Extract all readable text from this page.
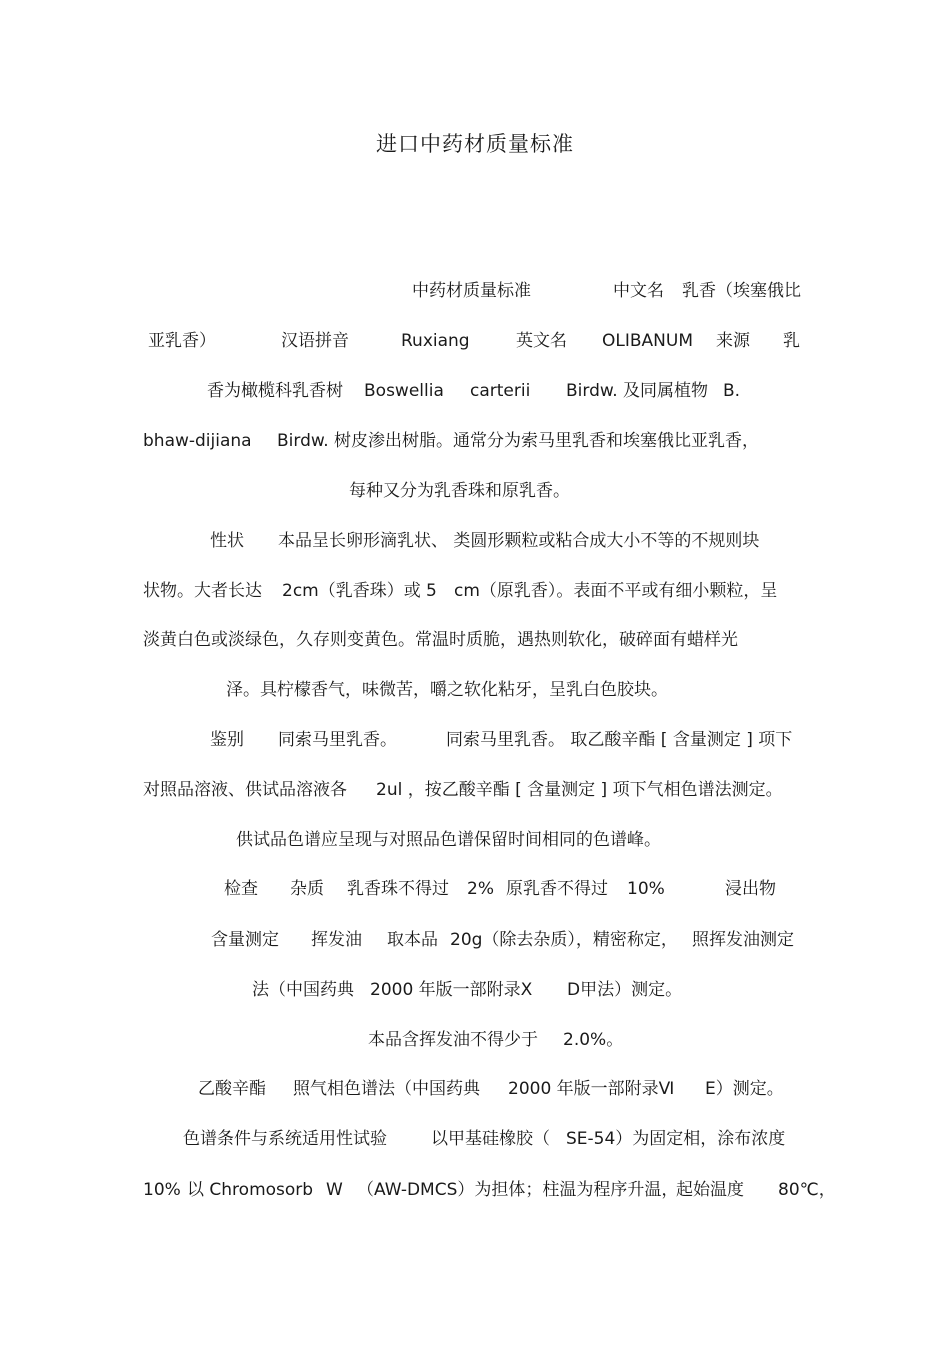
进口中药材质量标准
中药材质量标准	中文名 乳香（埃塞俄比
亚乳香）	汉语拼音	Ruxiang	英文名 OLIBANUM 来源 乳
香为橄榄科乳香树 Boswellia carterii Birdw. 及同属植物 B.
bhaw-dijiana Birdw. 树皮渗出树脂。通常分为索马里乳香和埃塞俄比亚乳香，
每种又分为乳香珠和原乳香。
性状 本品呈长卵形滴乳状、 类圆形颗粒或粘合成大小不等的不规则块
状物。大者长达 2cm（乳香珠）或 5 cm（原乳香）。表面不平或有细小颗粒，呈
淡黄白色或淡绿色，久存则变黄色。常温时质脆，遇热则软化，破碎面有蜡样光
泽。具柠檬香气，味微苦，嚼之软化粘牙，呈乳白色胶块。
鉴别 同索马里乳香。	同索马里乳香。 取乙酸辛酯 [ 含量测定 ] 项下
对照品溶液、供试品溶液各 2ul ，按乙酸辛酯 [ 含量测定 ] 项下气相色谱法测定。
供试品色谱应呈现与对照品色谱保留时间相同的色谱峰。
检查 杂质 乳香珠不得过 2% 原乳香不得过 10%	浸出物
含量测定 挥发油 取本品 20g（除去杂质），精密称定， 照挥发油测定
法（中国药典 2000 年版一部附录Ⅹ D甲法）测定。
本品含挥发油不得少于 2.0%。
乙酸辛酯 照气相色谱法（中国药典 2000 年版一部附录Ⅵ E）测定。
色谱条件与系统适用性试验	以甲基硅橡胶（ SE-54）为固定相，涂布浓度
10% 以 Chromosorb W （AW-DMCS）为担体；柱温为程序升温，
起始温度 80℃，
